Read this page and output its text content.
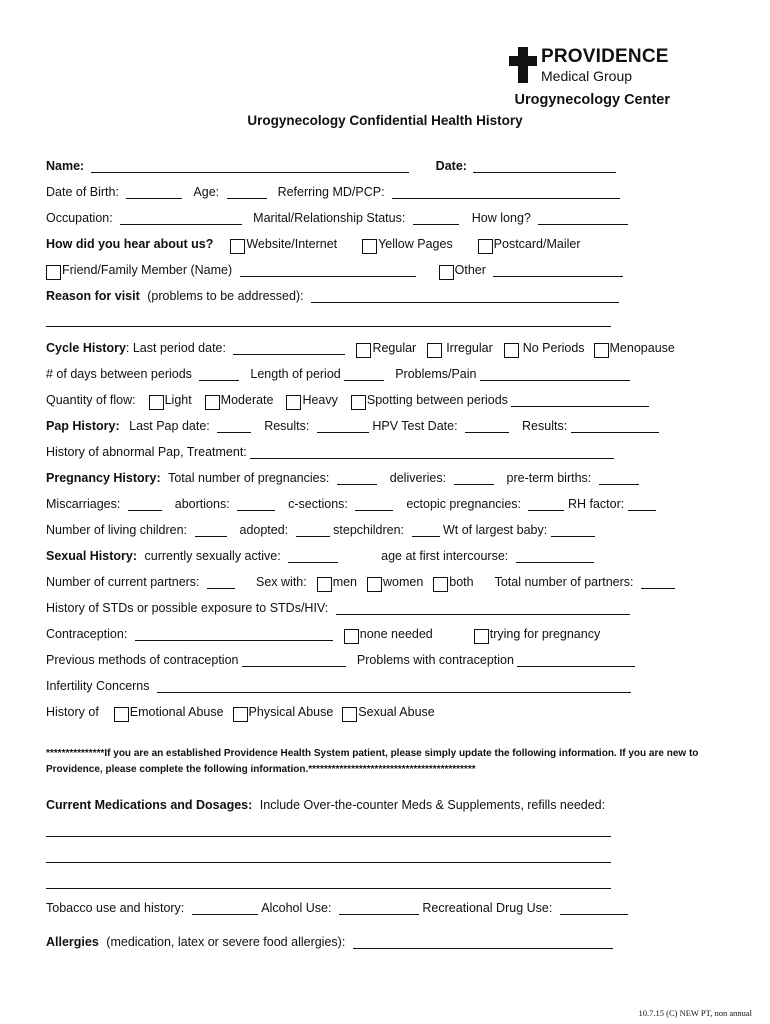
PROVIDENCE
Medical Group
Urogynecology Center
Urogynecology Confidential Health History
Name:	Date:
Date of Birth:	Age:	Referring MD/PCP:
Occupation:	Marital/Relationship Status:	How long?
How did you hear about us?	Website/Internet	Yellow Pages	Postcard/Mailer
Friend/Family Member (Name)	Other
Reason for visit (problems to be addressed):
Cycle History: Last period date:	Regular Irregular No Periods Menopause
# of days between periods	Length of period	Problems/Pain
Quantity of flow: Light Moderate Heavy Spotting between periods
Pap History: Last Pap date:	Results:	HPV Test Date:	Results:
History of abnormal Pap, Treatment:
Pregnancy History: Total number of pregnancies:	deliveries:	pre-term births:
Miscarriages:	abortions:	c-sections:	ectopic pregnancies:	RH factor:
Number of living children:	adopted:	stepchildren:	Wt of largest baby:
Sexual History: currently sexually active:	age at first intercourse:
Number of current partners:	Sex with: men women both Total number of partners:
History of STDs or possible exposure to STDs/HIV:
Contraception:	none needed	trying for pregnancy
Previous methods of contraception	Problems with contraception
Infertility Concerns
History of Emotional Abuse Physical Abuse Sexual Abuse
***************If you are an established Providence Health System patient, please simply update the following information. If you are new to Providence, please complete the following information.*******************************************
Current Medications and Dosages: Include Over-the-counter Meds & Supplements, refills needed:
Tobacco use and history:	Alcohol Use:	Recreational Drug Use:
Allergies (medication, latex or severe food allergies):
10.7.15 (C) NEW PT, non annual
